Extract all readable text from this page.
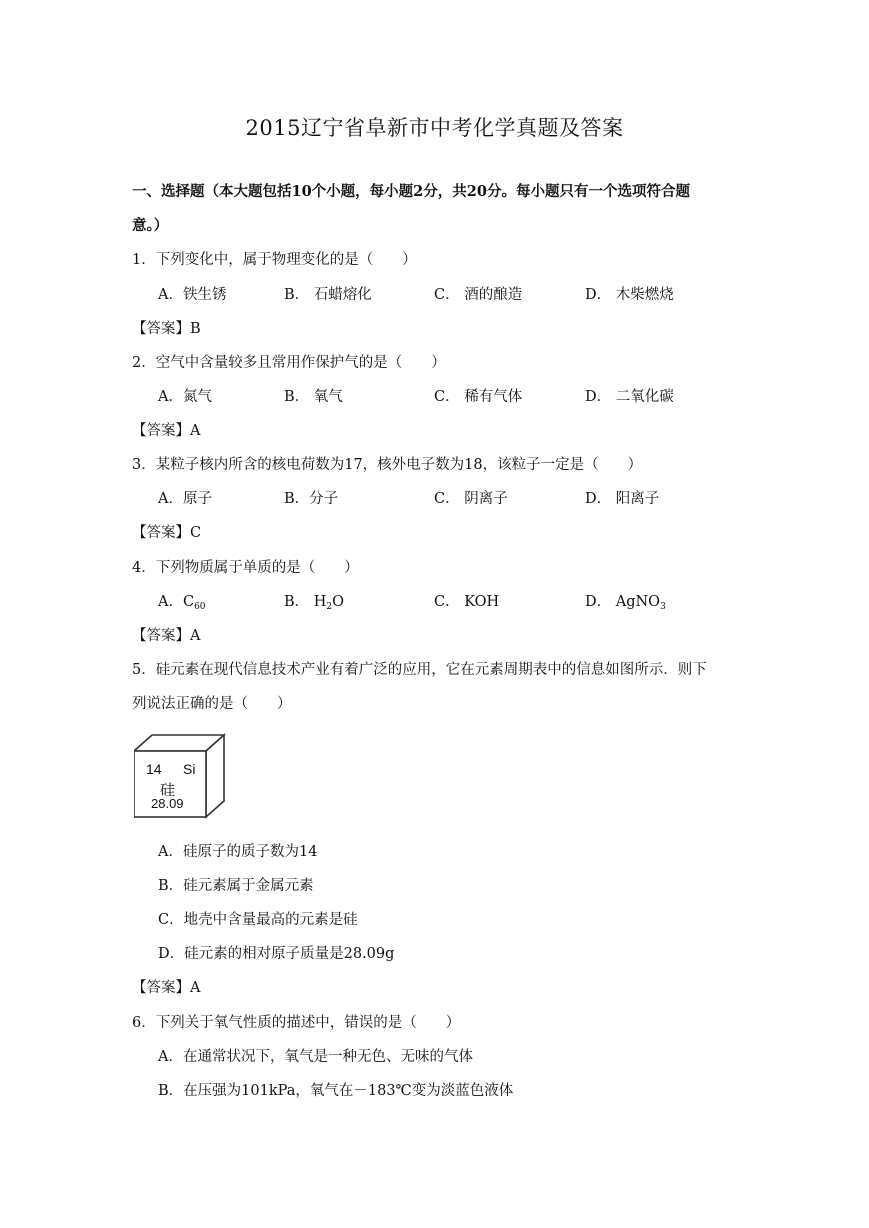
2015辽宁省阜新市中考化学真题及答案
一、选择题（本大题包括10个小题，每小题2分，共20分。每小题只有一个选项符合题
意。）
1．下列变化中，属于物理变化的是（　　）
A．铁生锈	B． 石蜡熔化	C． 酒的酿造	D． 木柴燃烧
【答案】B
2．空气中含量较多且常用作保护气的是（　　）
A．氮气	B． 氧气	C． 稀有气体	D． 二氧化碳
【答案】A
3．某粒子核内所含的核电荷数为17，核外电子数为18，该粒子一定是（　　）
A．原子	B．分子	C． 阴离子	D． 阳离子
【答案】C
4．下列物质属于单质的是（　　）
A．$C_{60}$	B． $H_2O$	C． KOH	D． AgNO$_3$
【答案】A
5．硅元素在现代信息技术产业有着广泛的应用，它在元素周期表中的信息如图所示．则下
列说法正确的是（　　）
14 Si
硅
28.09
A．硅原子的质子数为14
B．硅元素属于金属元素
C．地壳中含量最高的元素是硅
D．硅元素的相对原子质量是28.09g
【答案】A
6．下列关于氧气性质的描述中，错误的是（　　）
A．在通常状况下，氧气是一种无色、无味的气体
B．在压强为101kPa，氧气在－183℃变为淡蓝色液体
